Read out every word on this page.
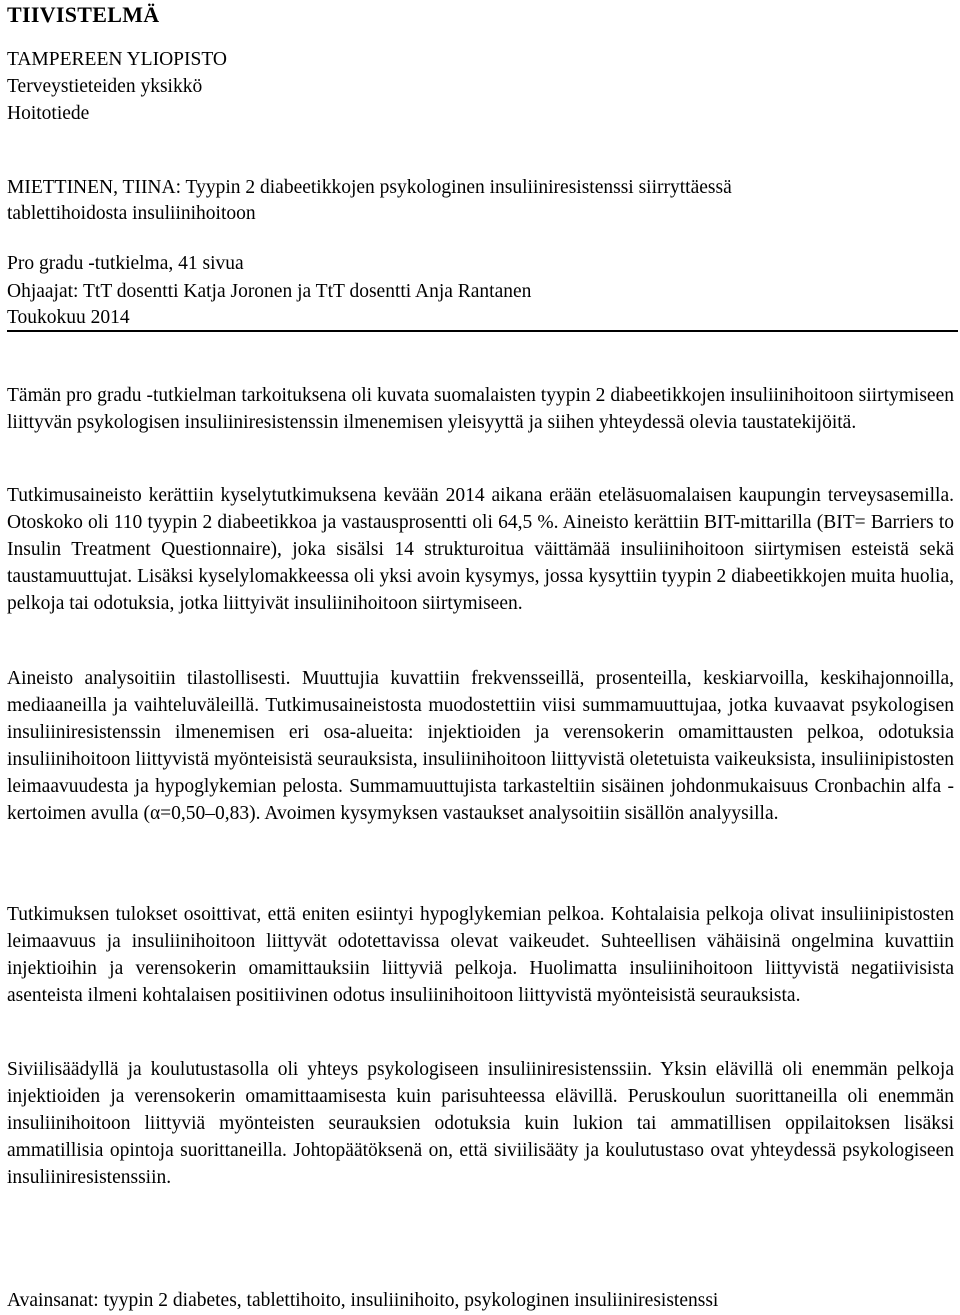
TIIVISTELMÄ

TAMPEREEN YLIOPISTO

Terveystieteiden yksikkö

Hoitotiede

MIETTINEN, TIINA: Tyypin 2 diabeetikkojen psykologinen insuliiniresistenssi siirryttäessä

tablettihoidosta insuliinihoitoon

Pro gradu -tutkielma, 41 sivua

Ohjaajat: TtT dosentti Katja Joronen ja TtT dosentti Anja Rantanen

Toukokuu 2014

Tämän pro gradu -tutkielman tarkoituksena oli kuvata suomalaisten tyypin 2 diabeetikkojen insuliinihoitoon siirtymiseen liittyvän psykologisen insuliiniresistenssin ilmenemisen yleisyyttä ja siihen yhteydessä olevia taustatekijöitä.

Tutkimusaineisto kerättiin kyselytutkimuksena kevään 2014 aikana erään eteläsuomalaisen kaupungin terveysasemilla. Otoskoko oli 110 tyypin 2 diabeetikkoa ja vastausprosentti oli 64,5 %. Aineisto kerättiin BIT-mittarilla (BIT= Barriers to Insulin Treatment Questionnaire), joka sisälsi 14 strukturoitua väittämää insuliinihoitoon siirtymisen esteistä sekä taustamuuttujat. Lisäksi kyselylomakkeessa oli yksi avoin kysymys, jossa kysyttiin tyypin 2 diabeetikkojen muita huolia, pelkoja tai odotuksia, jotka liittyivät insuliinihoitoon siirtymiseen.

Aineisto analysoitiin tilastollisesti. Muuttujia kuvattiin frekvensseillä, prosenteilla, keskiarvoilla, keskihajonnoilla, mediaaneilla ja vaihteluväleillä. Tutkimusaineistosta muodostettiin viisi summamuuttujaa, jotka kuvaavat psykologisen insuliiniresistenssin ilmenemisen eri osa-alueita: injektioiden ja verensokerin omamittausten pelkoa, odotuksia insuliinihoitoon liittyvistä myönteisistä seurauksista, insuliinihoitoon liittyvistä oletetuista vaikeuksista, insuliinipistosten leimaavuudesta ja hypoglykemian pelosta. Summamuuttujista tarkasteltiin sisäinen johdonmukaisuus Cronbachin alfa -kertoimen avulla (α=0,50–0,83). Avoimen kysymyksen vastaukset analysoitiin sisällön analyysilla.

Tutkimuksen tulokset osoittivat, että eniten esiintyi hypoglykemian pelkoa. Kohtalaisia pelkoja olivat insuliinipistosten leimaavuus ja insuliinihoitoon liittyvät odotettavissa olevat vaikeudet. Suhteellisen vähäisinä ongelmina kuvattiin injektioihin ja verensokerin omamittauksiin liittyviä pelkoja. Huolimatta insuliinihoitoon liittyvistä negatiivisista asenteista ilmeni kohtalaisen positiivinen odotus insuliinihoitoon liittyvistä myönteisistä seurauksista.

Siviilisäädyllä ja koulutustasolla oli yhteys psykologiseen insuliiniresistenssiin. Yksin elävillä oli enemmän pelkoja injektioiden ja verensokerin omamittaamisesta kuin parisuhteessa elävillä. Peruskoulun suorittaneilla oli enemmän insuliinihoitoon liittyviä myönteisten seurauksien odotuksia kuin lukion tai ammatillisen oppilaitoksen lisäksi ammatillisia opintoja suorittaneilla. Johtopäätöksenä on, että siviilisääty ja koulutustaso ovat yhteydessä psykologiseen insuliiniresistenssiin.

Avainsanat: tyypin 2 diabetes, tablettihoito, insuliinihoito, psykologinen insuliiniresistenssi
